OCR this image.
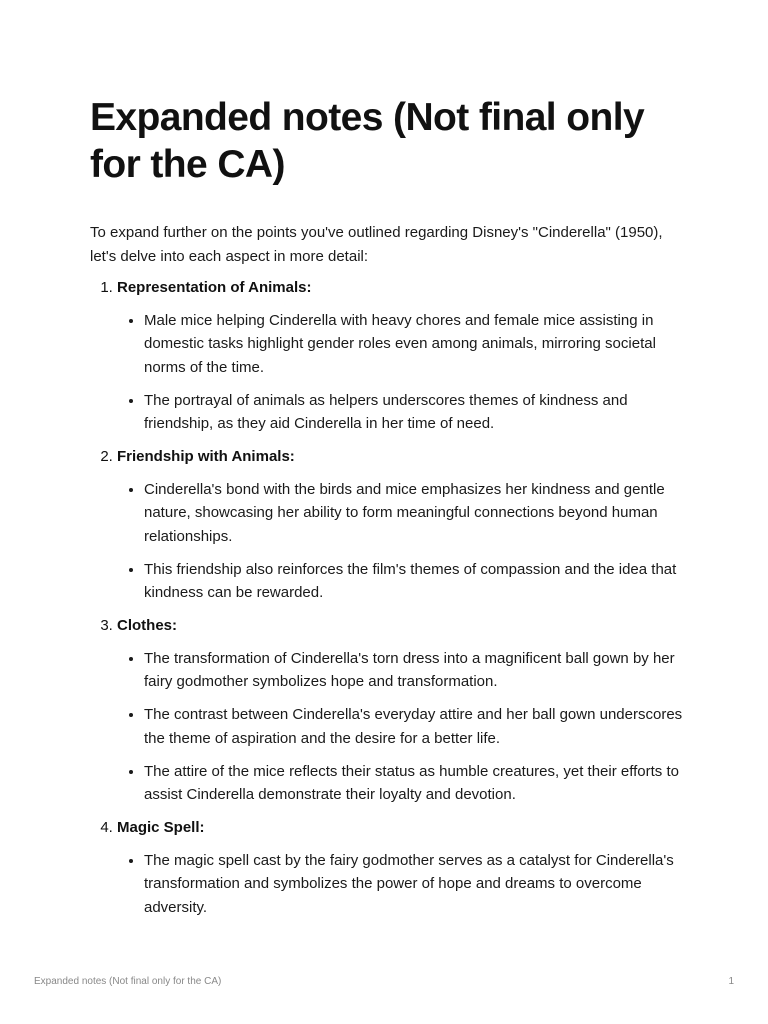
Expanded notes (Not final only for the CA)

To expand further on the points you've outlined regarding Disney's "Cinderella" (1950), let's delve into each aspect in more detail:

1. Representation of Animals:
• Male mice helping Cinderella with heavy chores and female mice assisting in domestic tasks highlight gender roles even among animals, mirroring societal norms of the time.
• The portrayal of animals as helpers underscores themes of kindness and friendship, as they aid Cinderella in her time of need.
2. Friendship with Animals:
• Cinderella's bond with the birds and mice emphasizes her kindness and gentle nature, showcasing her ability to form meaningful connections beyond human relationships.
• This friendship also reinforces the film's themes of compassion and the idea that kindness can be rewarded.
3. Clothes:
• The transformation of Cinderella's torn dress into a magnificent ball gown by her fairy godmother symbolizes hope and transformation.
• The contrast between Cinderella's everyday attire and her ball gown underscores the theme of aspiration and the desire for a better life.
• The attire of the mice reflects their status as humble creatures, yet their efforts to assist Cinderella demonstrate their loyalty and devotion.
4. Magic Spell:
• The magic spell cast by the fairy godmother serves as a catalyst for Cinderella's transformation and symbolizes the power of hope and dreams to overcome adversity.
Expanded notes (Not final only for the CA)	1
